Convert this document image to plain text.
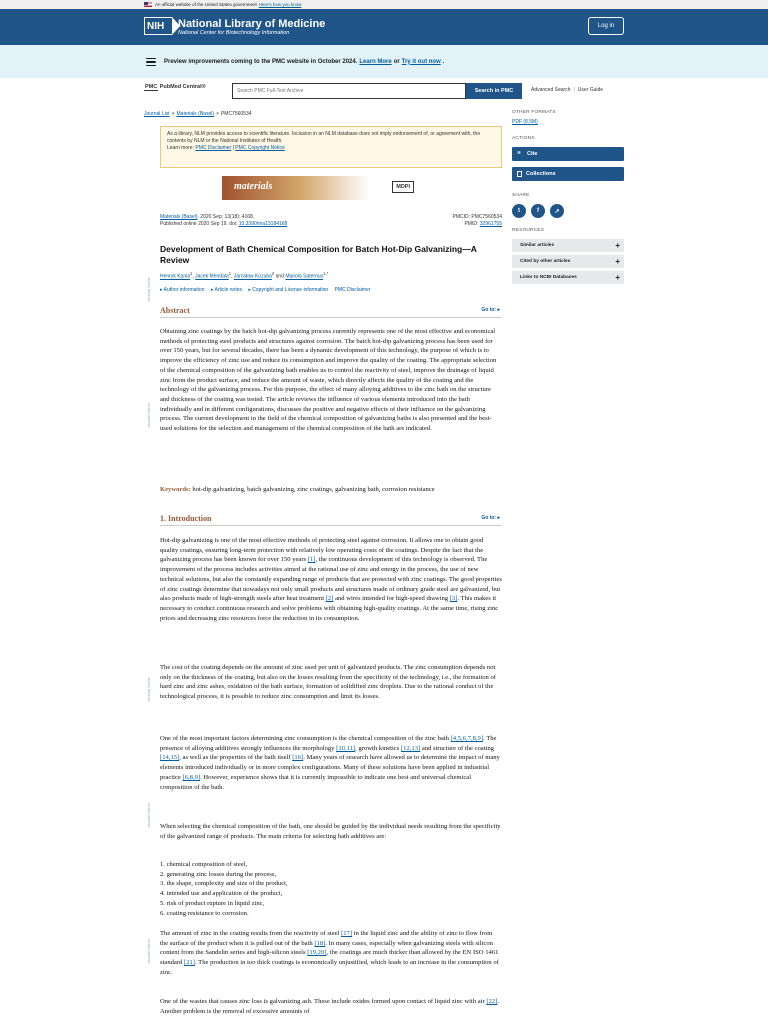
An official website of the United States government Here's how you know
NIH National Library of Medicine
National Center for Biotechnology Information
Log in
Preview improvements coming to the PMC website in October 2024. Learn More or Try it out now .
PMC PubMed Central®
Search PMC Full-Text Archive
Search in PMC	Advanced Search | User Guide
Journal List > Materials (Basel) > PMC7560534
As a library, NLM provides access to scientific literature. Inclusion in an NLM database does not imply endorsement of, or agreement with, the contents by NLM or the National Institutes of Health.
Learn more: PMC Disclaimer | PMC Copyright Notice
materials	MDPI
Materials (Basel). 2020 Sep; 13(18): 4168.
Published online 2020 Sep 19. doi: 10.3390/ma13184168
PMCID: PMC7560534
PMID: 32961755
Development of Bath Chemical Composition for Batch Hot-Dip Galvanizing—A Review
Henryk Kania$^1$, Jacek Mendala$^1$, Jarosław Kozuba$^2$ and Mariola Saternus$^{1,*}$
▸ Author information ▸ Article notes ▸ Copyright and License information PMC Disclaimer
Journal Home
Journal Home
Journal Home
Journal Home
Journal Home
Abstract	Go to: ▸

Obtaining zinc coatings by the batch hot-dip galvanizing process currently represents one of the most effective and economical methods of protecting steel products and structures against corrosion. The batch hot-dip galvanizing process has been used for over 150 years, but for several decades, there has been a dynamic development of this technology, the purpose of which is to improve the efficiency of zinc use and reduce its consumption and improve the quality of the coating. The appropriate selection of the chemical composition of the galvanizing bath enables us to control the reactivity of steel, improve the drainage of liquid zinc from the product surface, and reduce the amount of waste, which directly affects the quality of the coating and the technology of the galvanizing process. For this purpose, the effect of many alloying additives to the zinc bath on the structure and thickness of the coating was tested. The article reviews the influence of various elements introduced into the bath individually and in different configurations, discusses the positive and negative effects of their influence on the galvanizing process. The current development in the field of the chemical composition of galvanizing baths is also presented and the best-used solutions for the selection and management of the chemical composition of the bath are indicated.

Keywords: hot-dip galvanizing, batch galvanizing, zinc coatings, galvanizing bath, corrosion resistance

1. Introduction	Go to: ▸

Hot-dip galvanizing is one of the most effective methods of protecting steel against corrosion. It allows one to obtain good quality coatings, ensuring long-term protection with relatively low operating costs of the coatings. Despite the fact that the galvanizing process has been known for over 150 years [1], the continuous development of this technology is observed. The improvement of the process includes activities aimed at the rational use of zinc and energy in the process, the use of new technical solutions, but also the constantly expanding range of products that are protected with zinc coatings. The good properties of zinc coatings determine that nowadays not only small products and structures made of ordinary grade steel are galvanized, but also products made of high-strength steels after heat treatment [2] and wires intended for high-speed drawing [3]. This makes it necessary to conduct continuous research and solve problems with obtaining high-quality coatings. At the same time, rising zinc prices and decreasing zinc resources force the reduction in its consumption.

The cost of the coating depends on the amount of zinc used per unit of galvanized products. The zinc consumption depends not only on the thickness of the coating, but also on the losses resulting from the specificity of the technology, i.e., the formation of hard zinc and zinc ashes, oxidation of the bath surface, formation of solidified zinc droplets. Due to the rational conduct of the technological process, it is possible to reduce zinc consumption and limit its losses.

One of the most important factors determining zinc consumption is the chemical composition of the zinc bath [4,5,6,7,8,9]. The presence of alloying additives strongly influences the morphology [10,11], growth kinetics [12,13] and structure of the coating [14,15], as well as the properties of the bath itself [16]. Many years of research have allowed us to determine the impact of many elements introduced individually or in more complex configurations. Many of these solutions have been applied in industrial practice [6,8,9]. However, experience shows that it is currently impossible to indicate one best and universal chemical composition of the bath.

When selecting the chemical composition of the bath, one should be guided by the individual needs resulting from the specificity of the galvanized range of products. The main criteria for selecting bath additives are:

1. chemical composition of steel,
2. generating zinc losses during the process,
3. the shape, complexity and size of the product,
4. intended use and application of the product,
5. risk of product rupture in liquid zinc,
6. coating resistance to corrosion.

The amount of zinc in the coating results from the reactivity of steel [17] in the liquid zinc and the ability of zinc to flow from the surface of the product when it is pulled out of the bath [18]. In many cases, especially when galvanizing steels with silicon content from the Sandelin series and high-silicon steels [19,20], the coatings are much thicker than allowed by the EN ISO 1461 standard [21]. The production in too thick coatings is economically unjustified, which leads to an increase in the consumption of zinc.

One of the wastes that causes zinc loss is galvanizing ash. These include oxides formed upon contact of liquid zinc with air [22]. Another problem is the removal of excessive amounts of

OTHER FORMATS
PDF (8.5M)
ACTIONS
“ Cite
Collections
SHARE
t	f	↗
RESOURCES
Similar articles	+
Cited by other articles	+
Links to NCBI Databases	+
